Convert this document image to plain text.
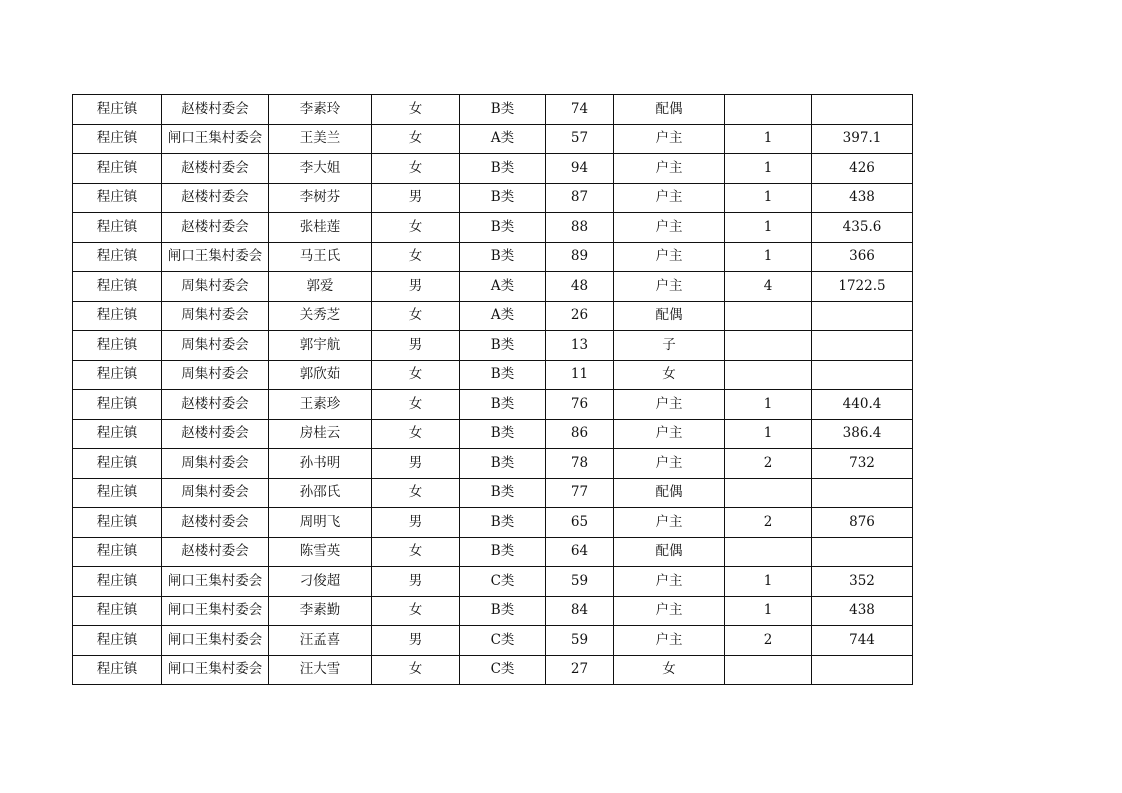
程庄镇	赵楼村委会	李素玲	女	B类	74	配偶		
程庄镇	闸口王集村委会	王美兰	女	A类	57	户主	1	397.1
程庄镇	赵楼村委会	李大姐	女	B类	94	户主	1	426
程庄镇	赵楼村委会	李树芬	男	B类	87	户主	1	438
程庄镇	赵楼村委会	张桂莲	女	B类	88	户主	1	435.6
程庄镇	闸口王集村委会	马王氏	女	B类	89	户主	1	366
程庄镇	周集村委会	郭爱	男	A类	48	户主	4	1722.5
程庄镇	周集村委会	关秀芝	女	A类	26	配偶		
程庄镇	周集村委会	郭宇航	男	B类	13	子		
程庄镇	周集村委会	郭欣茹	女	B类	11	女		
程庄镇	赵楼村委会	王素珍	女	B类	76	户主	1	440.4
程庄镇	赵楼村委会	房桂云	女	B类	86	户主	1	386.4
程庄镇	周集村委会	孙书明	男	B类	78	户主	2	732
程庄镇	周集村委会	孙邵氏	女	B类	77	配偶		
程庄镇	赵楼村委会	周明飞	男	B类	65	户主	2	876
程庄镇	赵楼村委会	陈雪英	女	B类	64	配偶		
程庄镇	闸口王集村委会	刁俊超	男	C类	59	户主	1	352
程庄镇	闸口王集村委会	李素勤	女	B类	84	户主	1	438
程庄镇	闸口王集村委会	汪孟喜	男	C类	59	户主	2	744
程庄镇	闸口王集村委会	汪大雪	女	C类	27	女		
